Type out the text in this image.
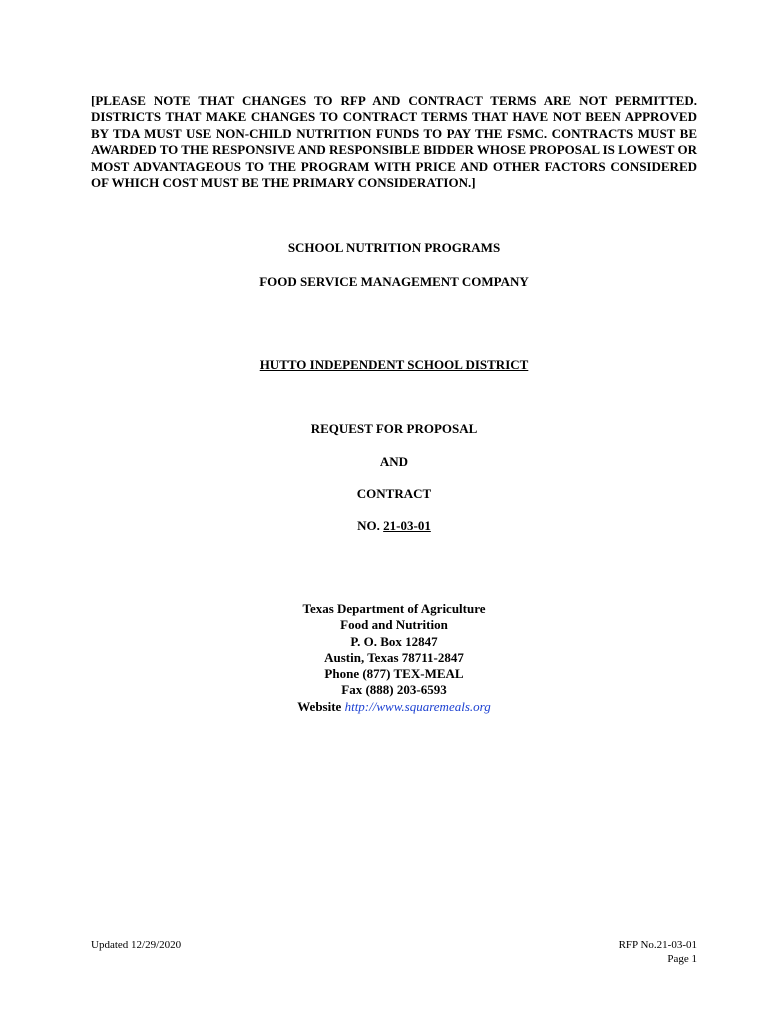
[PLEASE NOTE THAT CHANGES TO RFP AND CONTRACT TERMS ARE NOT PERMITTED. DISTRICTS THAT MAKE CHANGES TO CONTRACT TERMS THAT HAVE NOT BEEN APPROVED BY TDA MUST USE NON-CHILD NUTRITION FUNDS TO PAY THE FSMC. CONTRACTS MUST BE AWARDED TO THE RESPONSIVE AND RESPONSIBLE BIDDER WHOSE PROPOSAL IS LOWEST OR MOST ADVANTAGEOUS TO THE PROGRAM WITH PRICE AND OTHER FACTORS CONSIDERED OF WHICH COST MUST BE THE PRIMARY CONSIDERATION.]
SCHOOL NUTRITION PROGRAMS
FOOD SERVICE MANAGEMENT COMPANY
HUTTO INDEPENDENT SCHOOL DISTRICT
REQUEST FOR PROPOSAL
AND
CONTRACT
NO. 21-03-01
Texas Department of Agriculture
Food and Nutrition
P. O. Box 12847
Austin, Texas 78711-2847
Phone (877) TEX-MEAL
Fax (888) 203-6593
Website http://www.squaremeals.org
Updated 12/29/2020	RFP No.21-03-01
Page 1
